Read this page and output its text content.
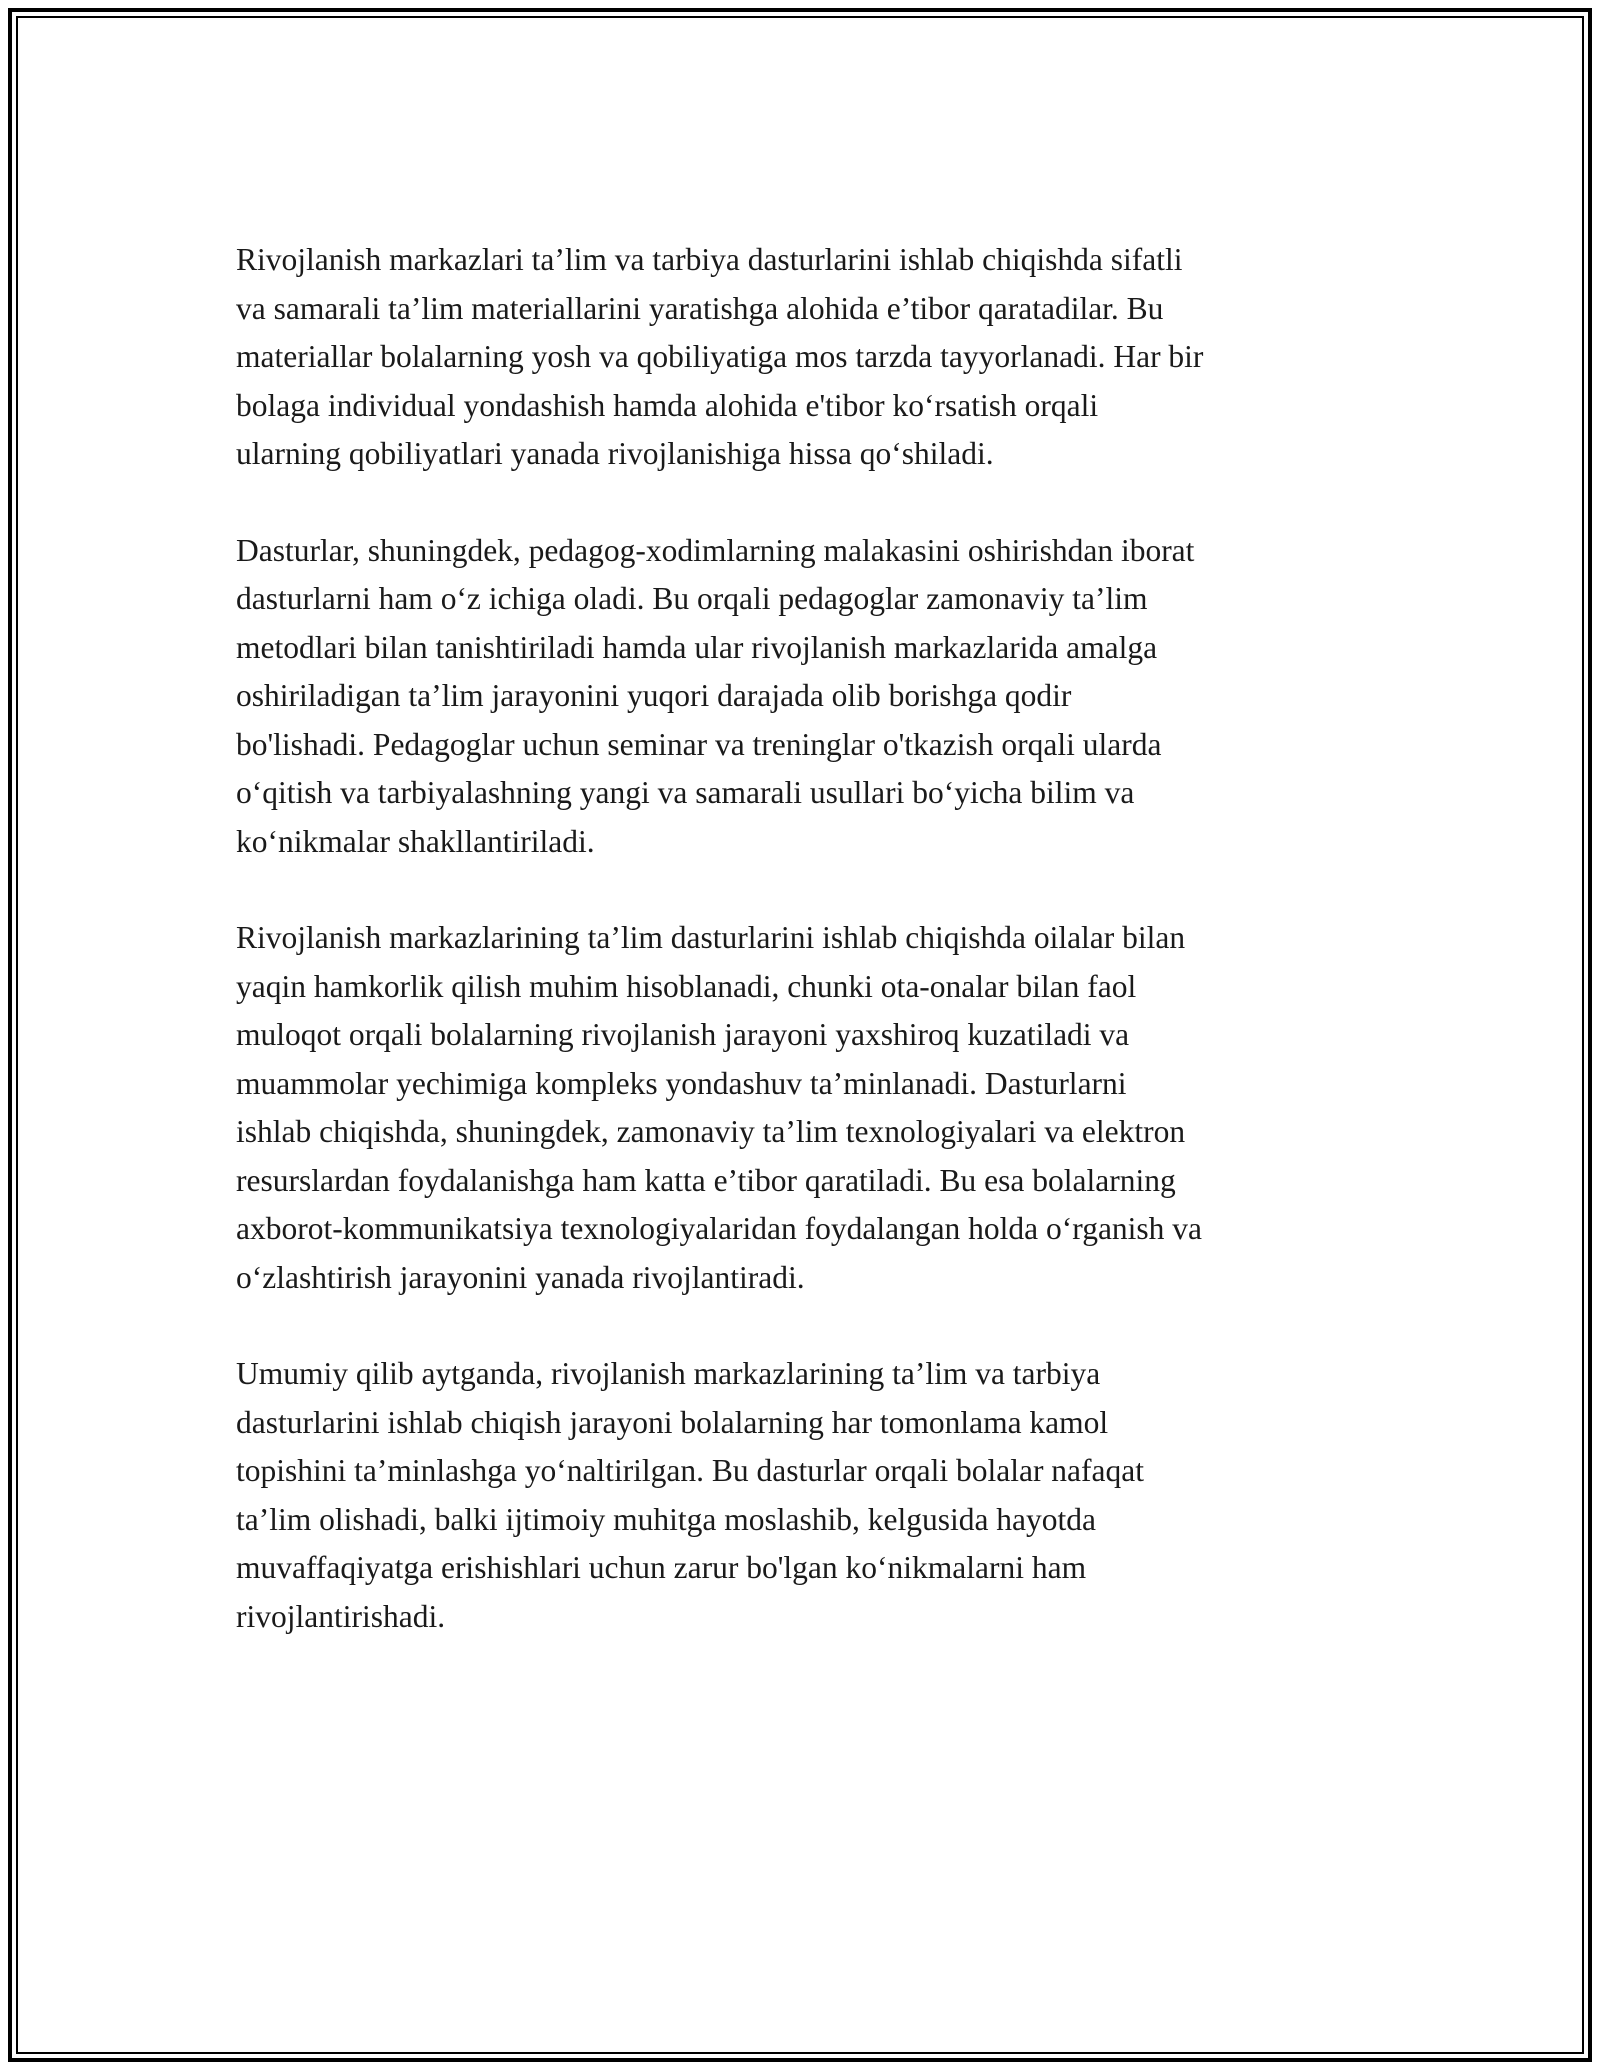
Rivojlanish markazlari ta’lim va tarbiya dasturlarini ishlab chiqishda sifatli
va samarali ta’lim materiallarini yaratishga alohida e’tibor qaratadilar. Bu
materiallar bolalarning yosh va qobiliyatiga mos tarzda tayyorlanadi. Har bir
bolaga individual yondashish hamda alohida e'tibor ko‘rsatish orqali
ularning qobiliyatlari yanada rivojlanishiga hissa qo‘shiladi.

Dasturlar, shuningdek, pedagog-xodimlarning malakasini oshirishdan iborat
dasturlarni ham o‘z ichiga oladi. Bu orqali pedagoglar zamonaviy ta’lim
metodlari bilan tanishtiriladi hamda ular rivojlanish markazlarida amalga
oshiriladigan ta’lim jarayonini yuqori darajada olib borishga qodir
bo'lishadi. Pedagoglar uchun seminar va treninglar o'tkazish orqali ularda
o‘qitish va tarbiyalashning yangi va samarali usullari bo‘yicha bilim va
ko‘nikmalar shakllantiriladi.

Rivojlanish markazlarining ta’lim dasturlarini ishlab chiqishda oilalar bilan
yaqin hamkorlik qilish muhim hisoblanadi, chunki ota-onalar bilan faol
muloqot orqali bolalarning rivojlanish jarayoni yaxshiroq kuzatiladi va
muammolar yechimiga kompleks yondashuv ta’minlanadi. Dasturlarni
ishlab chiqishda, shuningdek, zamonaviy ta’lim texnologiyalari va elektron
resurslardan foydalanishga ham katta e’tibor qaratiladi. Bu esa bolalarning
axborot-kommunikatsiya texnologiyalaridan foydalangan holda o‘rganish va
o‘zlashtirish jarayonini yanada rivojlantiradi.

Umumiy qilib aytganda, rivojlanish markazlarining ta’lim va tarbiya
dasturlarini ishlab chiqish jarayoni bolalarning har tomonlama kamol
topishini ta’minlashga yo‘naltirilgan. Bu dasturlar orqali bolalar nafaqat
ta’lim olishadi, balki ijtimoiy muhitga moslashib, kelgusida hayotda
muvaffaqiyatga erishishlari uchun zarur bo'lgan ko‘nikmalarni ham
rivojlantirishadi.
